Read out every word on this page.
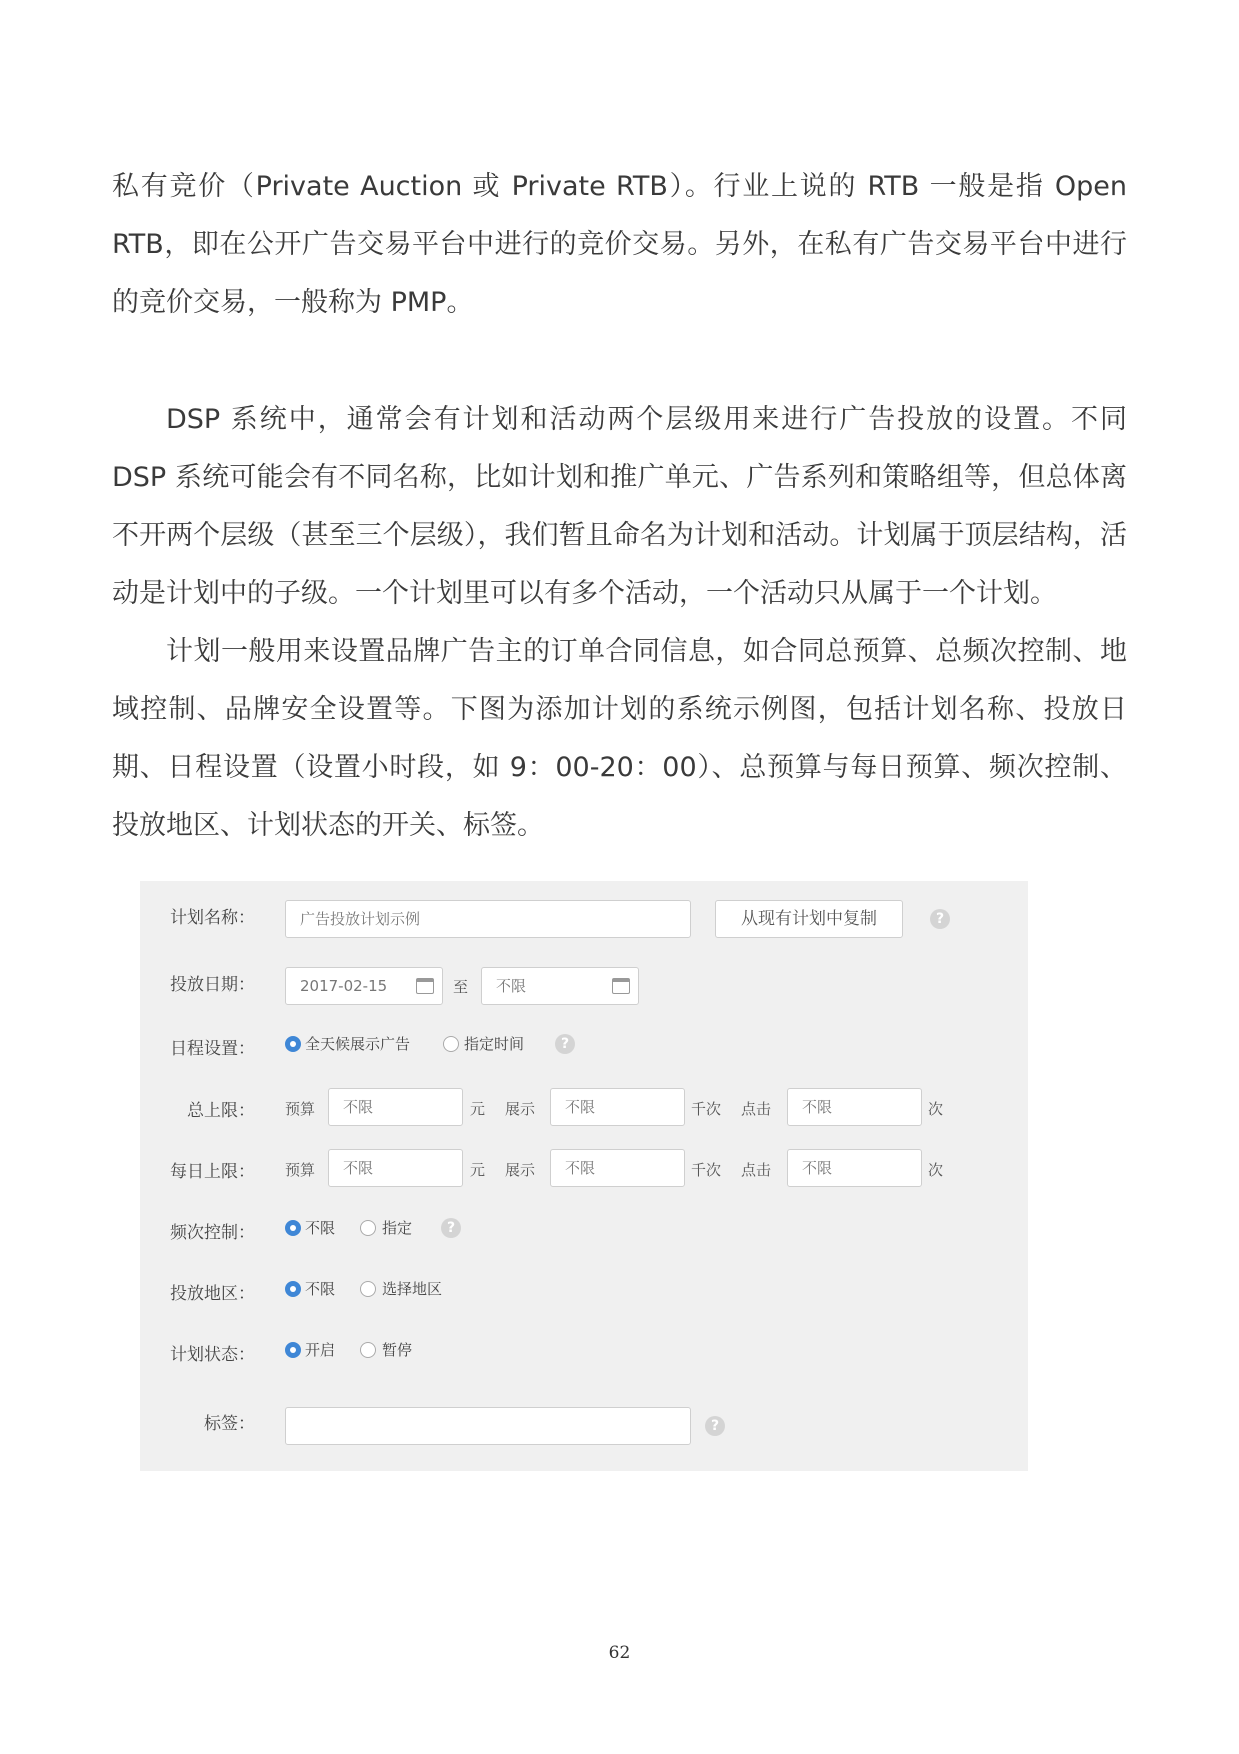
私有竞价（Private Auction 或 Private RTB）。行业上说的 RTB 一般是指 Open RTB，即在公开广告交易平台中进行的竞价交易。另外，在私有广告交易平台中进行的竞价交易，一般称为 PMP。

DSP 系统中，通常会有计划和活动两个层级用来进行广告投放的设置。不同 DSP 系统可能会有不同名称，比如计划和推广单元、广告系列和策略组等，但总体离不开两个层级（甚至三个层级），我们暂且命名为计划和活动。计划属于顶层结构，活动是计划中的子级。一个计划里可以有多个活动，一个活动只从属于一个计划。

计划一般用来设置品牌广告主的订单合同信息，如合同总预算、总频次控制、地域控制、品牌安全设置等。下图为添加计划的系统示例图，包括计划名称、投放日期、日程设置（设置小时段，如 9：00-20：00）、总预算与每日预算、频次控制、投放地区、计划状态的开关、标签。

计划名称：	广告投放计划示例	从现有计划中复制	?
投放日期：	2017-02-15	至	不限
日程设置：	全天候展示广告	指定时间	?
总上限： 预算	不限	元 展示	不限	千次 点击	不限	次
每日上限： 预算	不限	元 展示	不限	千次 点击	不限	次
频次控制：	不限	指定	?
投放地区：	不限	选择地区
计划状态：	开启	暂停
标签：	?
62
